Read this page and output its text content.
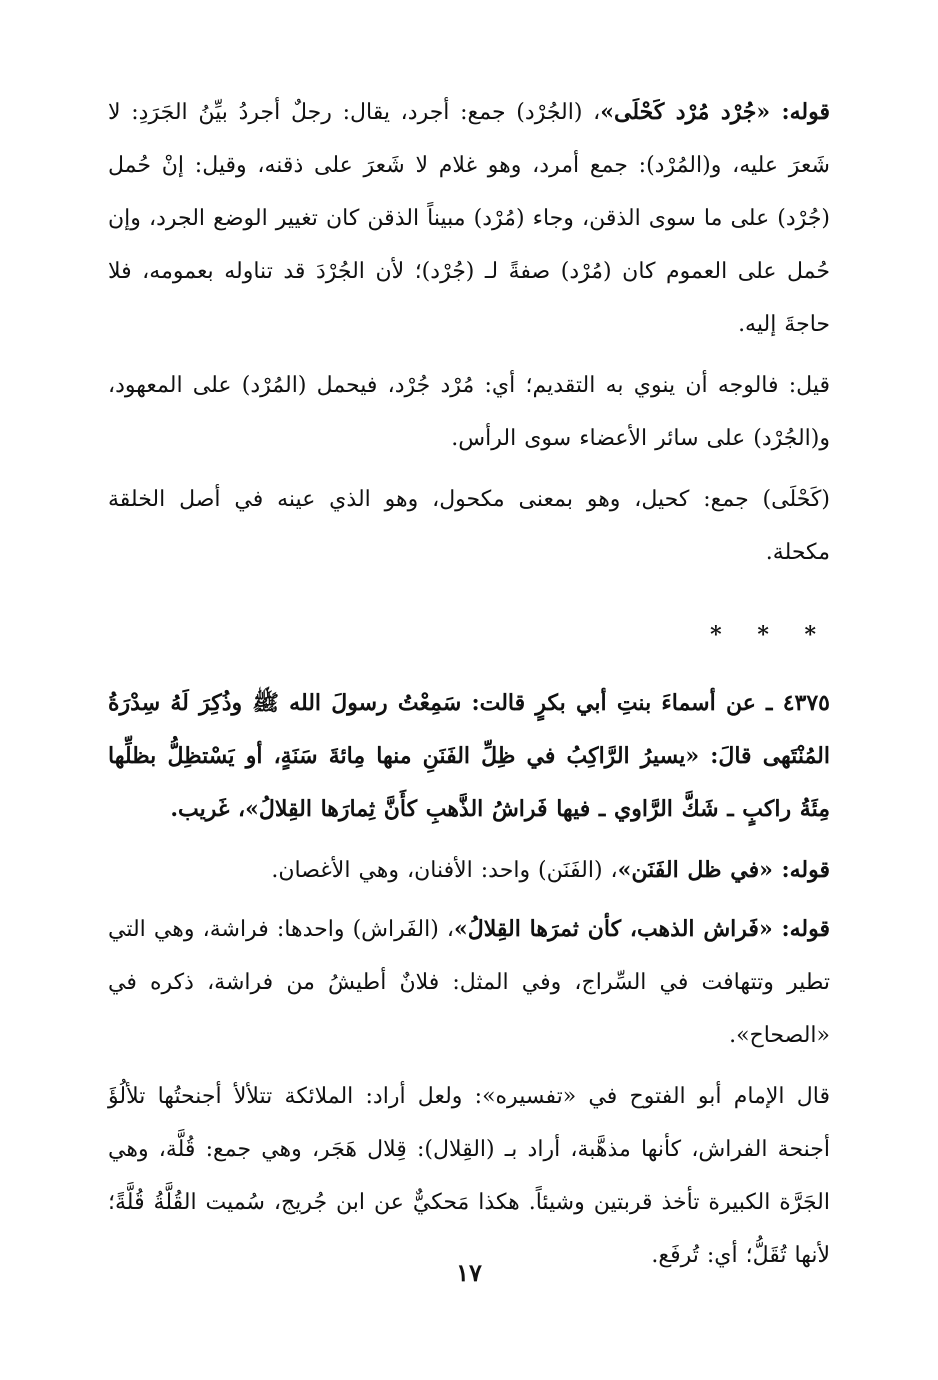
قوله: «جُرْد مُرْد كَحْلَى»، (الجُرْد) جمع: أجرد، يقال: رجلٌ أجردُ بيِّنُ الجَرَدِ: لا شَعرَ عليه، و(المُرْد): جمع أمرد، وهو غلام لا شَعرَ على ذقنه، وقيل: إنْ حُمل (جُرْد) على ما سوى الذقن، وجاء (مُرْد) مبيناً الذقن كان تغيير الوضع الجرد، وإن حُمل على العموم كان (مُرْد) صفةً لـ (جُرْد)؛ لأن الجُرْدَ قد تناوله بعمومه، فلا حاجةَ إليه.

قيل: فالوجه أن ينوي به التقديم؛ أي: مُرْد جُرْد، فيحمل (المُرْد) على المعهود، و(الجُرْد) على سائر الأعضاء سوى الرأس.

(كَحْلَى) جمع: كحيل، وهو بمعنى مكحول، وهو الذي عينه في أصل الخلقة مكحلة.

* * *

٤٣٧٥ ـ عن أسماءَ بنتِ أبي بكرٍ قالت: سَمِعْتُ رسولَ الله ﷺ وذُكِرَ لَهُ سِدْرَةُ المُنْتَهى قالَ: «يسيرُ الرَّاكِبُ في ظِلِّ الفَنَنِ منها مِائةَ سَنَةٍ، أو يَسْتظِلُّ بظلِّها مِئَةُ راكبٍ ـ شَكَّ الرَّاوي ـ فيها فَراشُ الذَّهبِ كأَنَّ ثِمارَها القِلالُ»، غَريب.

قوله: «في ظل الفَنَن»، (الفَنَن) واحد: الأفنان، وهي الأغصان.

قوله: «فَراش الذهب، كأن ثمرَها القِلالُ»، (الفَراش) واحدها: فراشة، وهي التي تطير وتتهافت في السِّراج، وفي المثل: فلانٌ أطيشُ من فراشة، ذكره في «الصحاح».

قال الإمام أبو الفتوح في «تفسيره»: ولعل أراد: الملائكة تتلألأ أجنحتُها تلألُؤَ أجنحة الفراش، كأنها مذهَّبة، أراد بـ (القِلال): قِلال هَجَر، وهي جمع: قُلَّة، وهي الجَرَّة الكبيرة تأخذ قربتين وشيئاً. هكذا مَحكيٌّ عن ابن جُريج، سُميت القُلَّةُ قُلَّةً؛ لأنها تُقَلُّ؛ أي: تُرفَع.

١٧
